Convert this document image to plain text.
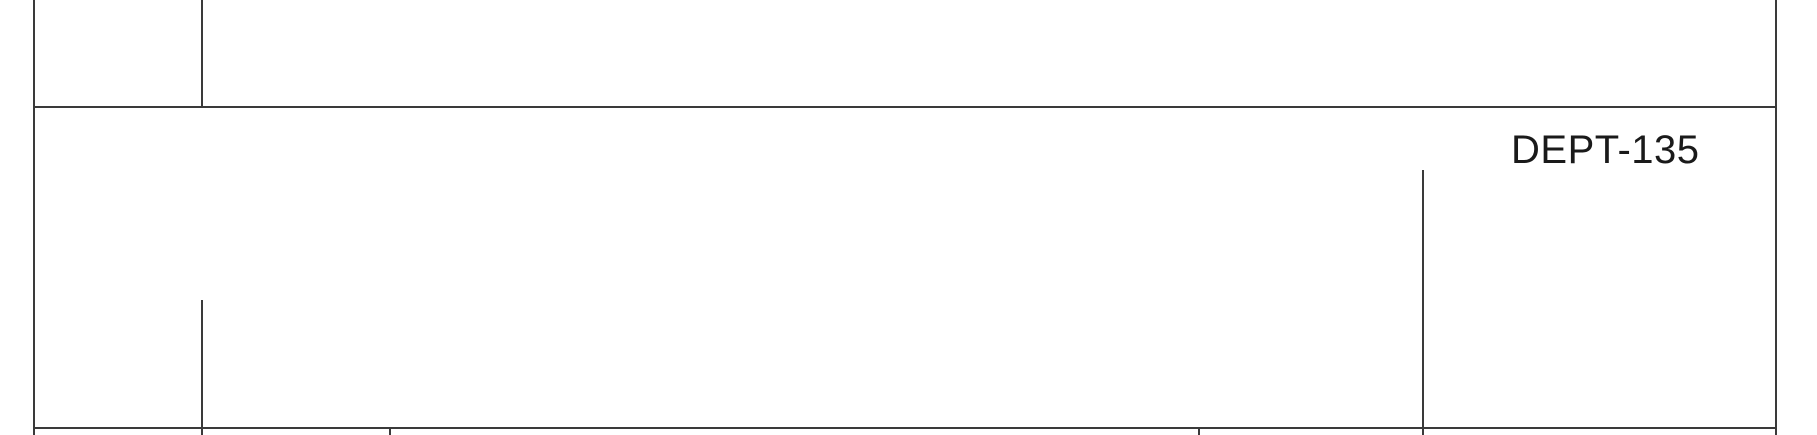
DEPT-135
